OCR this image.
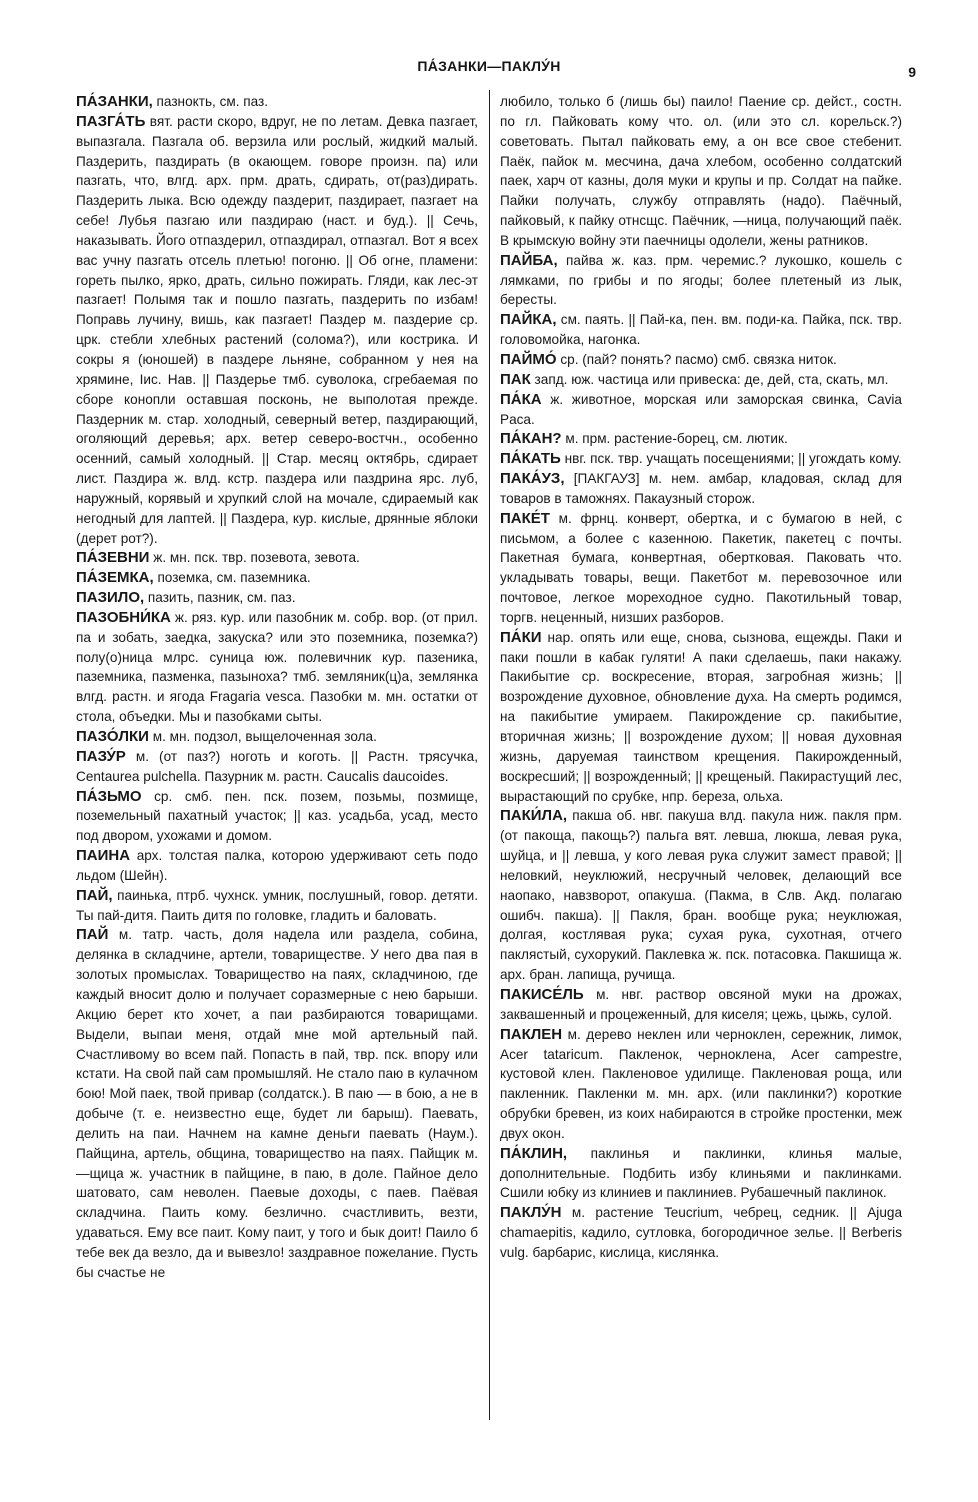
ПА́ЗАНКИ—ПАКЛУ́Н	9

ПА́ЗАНКИ, пазнокть, см. паз.

ПАЗГА́ТЬ вят. расти скоро, вдруг, не по летам. Девка пазгает, выпазгала. Пазгала об. верзила или рослый, жидкий малый. Паздерить, паздирать (в окающем. говоре произн. па) или пазгать, что, влгд. арх. прм. драть, сдирать, от(раз)дирать. Паздерить лыка. Всю одежду паздерит, паздирает, пазгает на себе! Лубья пазгаю или паздираю (наст. и буд.). || Сечь, наказывать. Його отпаздерил, отпаздирал, отпазгал. Вот я всех вас учну пазгать отсель плетью! погоню. || Об огне, пламени: гореть пылко, ярко, драть, сильно пожирать. Гляди, как лес-эт пазгает! Полымя так и пошло пазгать, паздерить по избам! Поправь лучину, вишь, как пазгает! Паздер м. паздерие ср. црк. стебли хлебных растений (солома?), или кострика. И сокры я (юношей) в паздере льняне, собранном у нея на хрямине, Іис. Нав. || Паздерье тмб. суволока, сгребаемая по сборе конопли оставшая посконь, не выполотая прежде. Паздерник м. стар. холодный, северный ветер, паздирающий, оголяющий деревья; арх. ветер северо-востчн., особенно осенний, самый холодный. || Стар. месяц октябрь, сдирает лист. Паздира ж. влд. кстр. паздера или паздрина ярс. луб, наружный, корявый и хрупкий слой на мочале, сдираемый как негодный для лаптей. || Паздера, кур. кислые, дрянные яблоки (дерет рот?).

ПА́ЗЕВНИ ж. мн. пск. твр. позевота, зевота.

ПА́ЗЕМКА, поземка, см. паземника.

ПАЗИЛО, пазить, пазник, см. паз.

ПАЗОБНИ́КА ж. ряз. кур. или пазобник м. собр. вор. (от прил. па и зобать, заедка, закуска? или это поземника, поземка?) полу(о)ница млрс. суница юж. полевичник кур. пазеника, паземника, пазменка, пазыноха? тмб. земляник(ц)а, землянка влгд. растн. и ягода Fragaria vesca. Пазобки м. мн. остатки от стола, объедки. Мы и пазобками сыты.

ПАЗО́ЛКИ м. мн. подзол, выщелоченная зола.

ПАЗУ́Р м. (от паз?) ноготь и коготь. || Растн. трясучка, Centaurea pulchella. Пазурник м. растн. Caucalis daucoides.

ПА́ЗЬМО ср. смб. пен. пск. позем, позьмы, позмище, поземельный пахатный участок; || каз. усадьба, усад, место под двором, ухожами и домом.

ПАИНА арх. толстая палка, которою удерживают сеть подо льдом (Шейн).

ПАЙ, паинька, птрб. чухнск. умник, послушный, говор. детяти. Ты пай-дитя. Паить дитя по головке, гладить и баловать.

ПАЙ м. татр. часть, доля надела или раздела, собина, делянка в складчине, артели, товариществе. У него два пая в золотых промыслах. Товарищество на паях, складчиною, где каждый вносит долю и получает соразмерные с нею барыши. Акцию берет кто хочет, а паи разбираются товарищами. Выдели, выпаи меня, отдай мне мой артельный пай. Счастливому во всем пай. Попасть в пай, твр. пск. впору или кстати. На свой пай сам промышляй. Не стало паю в кулачном бою! Мой паек, твой привар (солдатск.). В паю — в бою, а не в добыче (т. е. неизвестно еще, будет ли барыш). Паевать, делить на паи. Начнем на камне деньги паевать (Наум.). Пайщина, артель, община, товарищество на паях. Пайщик м. —щица ж. участник в пайщине, в паю, в доле. Пайное дело шатовато, сам неволен. Паевые доходы, с паев. Паёвая складчина. Паить кому. безлично. счастливить, везти, удаваться. Ему все паит. Кому паит, у того и бык доит! Паило б тебе век да везло, да и вывезло! заздравное пожелание. Пусть бы счастье не

любило, только б (лишь бы) паило! Паение ср. дейст., состн. по гл. Пайковать кому что. ол. (или это сл. корельск.?) советовать. Пытал пайковать ему, а он все свое стебенит. Паёк, пайок м. месчина, дача хлебом, особенно солдатский паек, харч от казны, доля муки и крупы и пр. Солдат на пайке. Пайки получать, службу отправлять (надо). Паёчный, пайковый, к пайку отнсщс. Паёчник, —ница, получающий паёк. В крымскую войну эти паечницы одолели, жены ратников.

ПАЙБА, пайва ж. каз. прм. черемис.? лукошко, кошель с лямками, по грибы и по ягоды; более плетеный из лык, бересты.

ПАЙКА, см. паять. || Пай-ка, пен. вм. поди-ка. Пайка, пск. твр. головомойка, нагонка.

ПАЙМО́ ср. (пай? понять? пасмо) смб. связка ниток.

ПАК запд. юж. частица или привеска: де, дей, ста, скать, мл.

ПА́КА ж. животное, морская или заморская свинка, Cavia Paca.

ПА́КАН? м. прм. растение-борец, см. лютик.

ПА́КАТЬ нвг. пск. твр. учащать посещениями; || угождать кому.

ПАКА́УЗ, [ПАКГАУЗ] м. нем. амбар, кладовая, склад для товаров в таможнях. Пакаузный сторож.

ПАКЕ́Т м. фрнц. конверт, обертка, и с бумагою в ней, с письмом, а более с казенною. Пакетик, пакетец с почты. Пакетная бумага, конвертная, обертковая. Паковать что. укладывать товары, вещи. Пакетбот м. перевозочное или почтовое, легкое мореходное судно. Пакотильный товар, торгв. неценный, низших разборов.

ПА́КИ нар. опять или еще, снова, сызнова, ещежды. Паки и паки пошли в кабак гуляти! А паки сделаешь, паки накажу. Пакибытие ср. воскресение, вторая, загробная жизнь; || возрождение духовное, обновление духа. На смерть родимся, на пакибытие умираем. Пакирождение ср. пакибытие, вторичная жизнь; || возрождение духом; || новая духовная жизнь, даруемая таинством крещения. Пакирожденный, воскресший; || возрожденный; || крещеный. Пакирастущий лес, вырастающий по срубке, нпр. береза, ольха.

ПАКИ́ЛА, пакша об. нвг. пакуша влд. пакула ниж. пакля прм. (от пакоща, пакощь?) пальга вят. левша, люкша, левая рука, шуйца, и || левша, у кого левая рука служит замест правой; || неловкий, неуклюжий, несручный человек, делающий все наопако, навзворот, опакуша. (Пакма, в Слв. Акд. полагаю ошибч. пакша). || Пакля, бран. вообще рука; неуклюжая, долгая, костлявая рука; сухая рука, сухотная, отчего паклястый, сухорукий. Паклевка ж. пск. потасовка. Пакшища ж. арх. бран. лапища, ручища.

ПАКИСЕ́ЛЬ м. нвг. раствор овсяной муки на дрожах, заквашенный и процеженный, для киселя; цежь, цыжь, сулой.

ПАКЛЕН м. дерево неклен или черноклен, сережник, лимок, Acer tataricum. Пакленок, черноклена, Acer campestre, кустовой клен. Пакленовое удилище. Пакленовая роща, или пакленник. Пакленки м. мн. арх. (или паклинки?) короткие обрубки бревен, из коих набираются в стройке простенки, меж двух окон.

ПА́КЛИН, паклинья и паклинки, клинья малые, дополнительные. Подбить избу клиньями и паклинками. Сшили юбку из клиниев и паклиниев. Рубашечный паклинок.

ПАКЛУ́Н м. растение Teucrium, чебрец, седник. || Ajuga chamaepitis, кадило, сутловка, богородичное зелье. || Berberis vulg. барбарис, кислица, кислянка.
